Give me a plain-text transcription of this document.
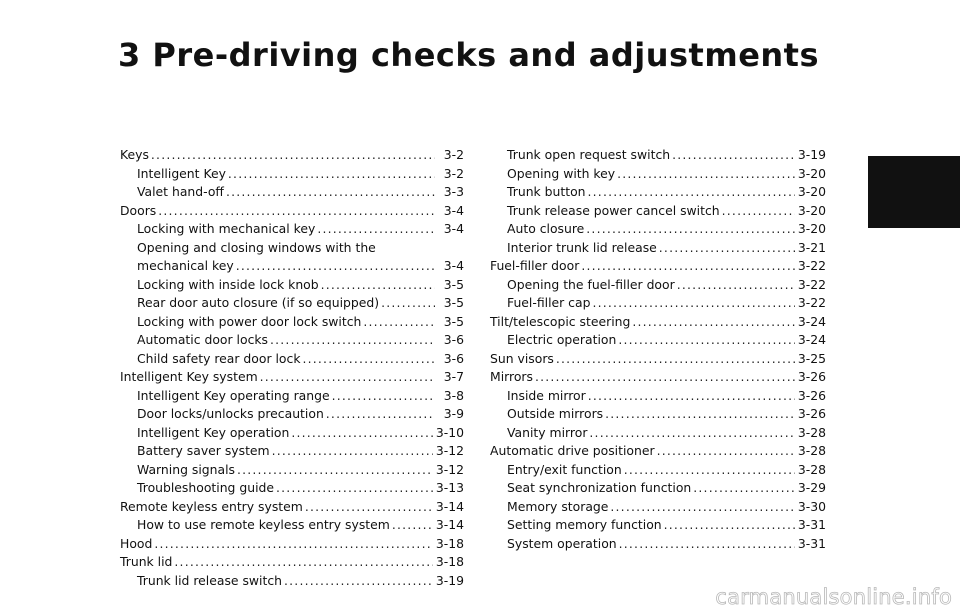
3 Pre-driving checks and adjustments
Keys .....	3-2
Intelligent Key .....	3-2
Valet hand-off .....	3-3
Doors .....	3-4
Locking with mechanical key .....	3-4
Opening and closing windows with the
mechanical key .....	3-4
Locking with inside lock knob .....	3-5
Rear door auto closure (if so equipped) .....	3-5
Locking with power door lock switch .....	3-5
Automatic door locks .....	3-6
Child safety rear door lock .....	3-6
Intelligent Key system .....	3-7
Intelligent Key operating range .....	3-8
Door locks/unlocks precaution .....	3-9
Intelligent Key operation .....	3-10
Battery saver system .....	3-12
Warning signals .....	3-12
Troubleshooting guide .....	3-13
Remote keyless entry system .....	3-14
How to use remote keyless entry system .....	3-14
Hood .....	3-18
Trunk lid .....	3-18
Trunk lid release switch .....	3-19
Trunk open request switch .....	3-19
Opening with key .....	3-20
Trunk button .....	3-20
Trunk release power cancel switch .....	3-20
Auto closure .....	3-20
Interior trunk lid release .....	3-21
Fuel-filler door .....	3-22
Opening the fuel-filler door .....	3-22
Fuel-filler cap .....	3-22
Tilt/telescopic steering .....	3-24
Electric operation .....	3-24
Sun visors .....	3-25
Mirrors .....	3-26
Inside mirror .....	3-26
Outside mirrors .....	3-26
Vanity mirror .....	3-28
Automatic drive positioner .....	3-28
Entry/exit function .....	3-28
Seat synchronization function .....	3-29
Memory storage .....	3-30
Setting memory function .....	3-31
System operation .....	3-31
carmanualsonline.info
